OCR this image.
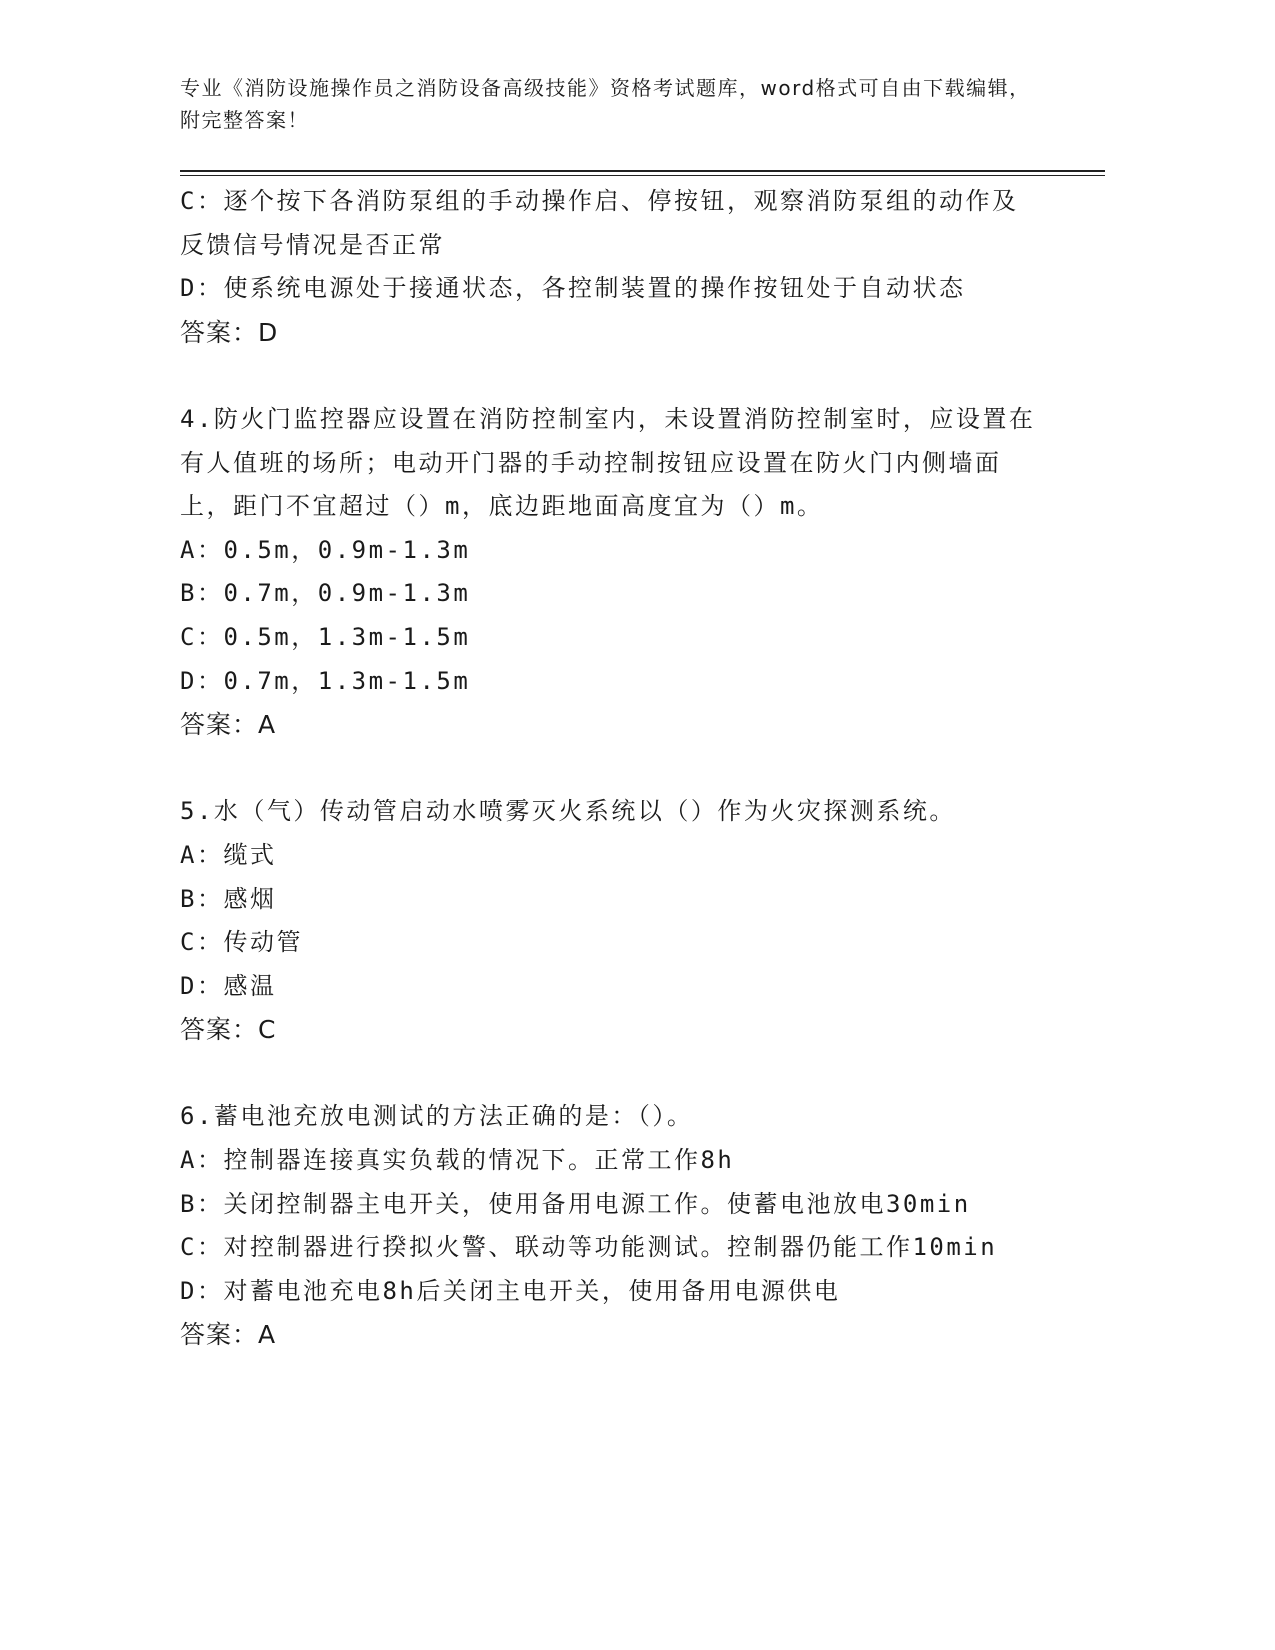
专业《消防设施操作员之消防设备高级技能》资格考试题库，word格式可自由下载编辑，附完整答案！
C：逐个按下各消防泵组的手动操作启、停按钮，观察消防泵组的动作及反馈信号情况是否正常
D：使系统电源处于接通状态，各控制装置的操作按钮处于自动状态
答案：D
4.防火门监控器应设置在消防控制室内，未设置消防控制室时，应设置在有人值班的场所；电动开门器的手动控制按钮应设置在防火门内侧墙面上，距门不宜超过（）m，底边距地面高度宜为（）m。
A：0.5m，0.9m-1.3m
B：0.7m，0.9m-1.3m
C：0.5m，1.3m-1.5m
D：0.7m，1.3m-1.5m
答案：A
5.水（气）传动管启动水喷雾灭火系统以（）作为火灾探测系统。
A：缆式
B：感烟
C：传动管
D：感温
答案：C
6.蓄电池充放电测试的方法正确的是：（）。
A：控制器连接真实负载的情况下。正常工作8h
B：关闭控制器主电开关，使用备用电源工作。使蓄电池放电30min
C：对控制器进行揆拟火警、联动等功能测试。控制器仍能工作10min
D：对蓄电池充电8h后关闭主电开关，使用备用电源供电
答案：A
